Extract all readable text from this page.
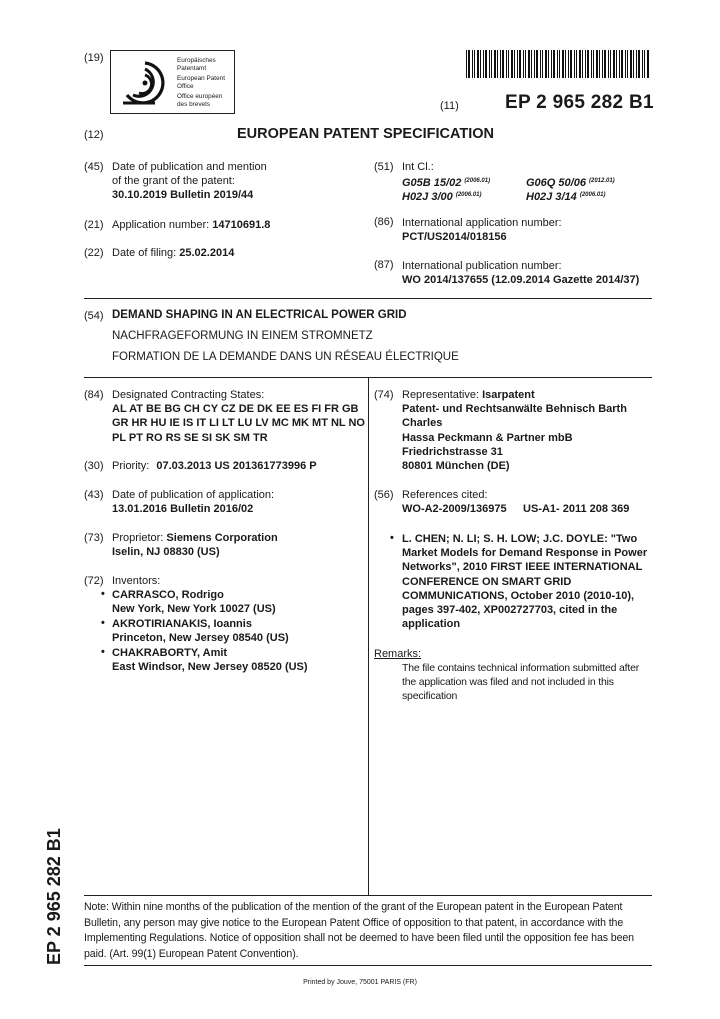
(19)	Europäisches Patentamt
European Patent Office
Office européen des brevets	(11) EP 2 965 282 B1
(12)	EUROPEAN PATENT SPECIFICATION
(45) Date of publication and mention
of the grant of the patent:
30.10.2019 Bulletin 2019/44
(21) Application number: 14710691.8
(22) Date of filing: 25.02.2014
(51) Int Cl.:
G05B 15/02 $^{(2006.01)}$	G06Q 50/06 $^{(2012.01)}$
H02J 3/00 $^{(2006.01)}$	H02J 3/14 $^{(2006.01)}$
(86) International application number:
PCT/US2014/018156
(87) International publication number:
WO 2014/137655 (12.09.2014 Gazette 2014/37)
(54) DEMAND SHAPING IN AN ELECTRICAL POWER GRID
NACHFRAGEFORMUNG IN EINEM STROMNETZ
FORMATION DE LA DEMANDE DANS UN RÉSEAU ÉLECTRIQUE
(84) Designated Contracting States:
AL AT BE BG CH CY CZ DE DK EE ES FI FR GB
GR HR HU IE IS IT LI LT LU LV MC MK MT NL NO
PL PT RO RS SE SI SK SM TR
(30) Priority: 07.03.2013 US 201361773996 P
(43) Date of publication of application:
13.01.2016 Bulletin 2016/02
(73) Proprietor: Siemens Corporation
Iselin, NJ 08830 (US)
(72) Inventors:
• CARRASCO, Rodrigo
New York, New York 10027 (US)
• AKROTIRIANAKIS, Ioannis
Princeton, New Jersey 08540 (US)
• CHAKRABORTY, Amit
East Windsor, New Jersey 08520 (US)
(74) Representative: Isarpatent
Patent- und Rechtsanwälte Behnisch Barth
Charles
Hassa Peckmann & Partner mbB
Friedrichstrasse 31
80801 München (DE)
(56) References cited:
WO-A2-2009/136975 US-A1- 2011 208 369
• L. CHEN; N. LI; S. H. LOW; J.C. DOYLE: "Two
Market Models for Demand Response in Power
Networks", 2010 FIRST IEEE INTERNATIONAL
CONFERENCE ON SMART GRID
COMMUNICATIONS, October 2010 (2010-10),
pages 397-402, XP002727703, cited in the
application
Remarks:
The file contains technical information submitted after
the application was filed and not included in this
specification
EP 2 965 282 B1 Note: Within nine months of the publication of the mention of the grant of the European patent in the European Patent
Bulletin, any person may give notice to the European Patent Office of opposition to that patent, in accordance with the
Implementing Regulations. Notice of opposition shall not be deemed to have been filed until the opposition fee has been
paid. (Art. 99(1) European Patent Convention).
Printed by Jouve, 75001 PARIS (FR)
